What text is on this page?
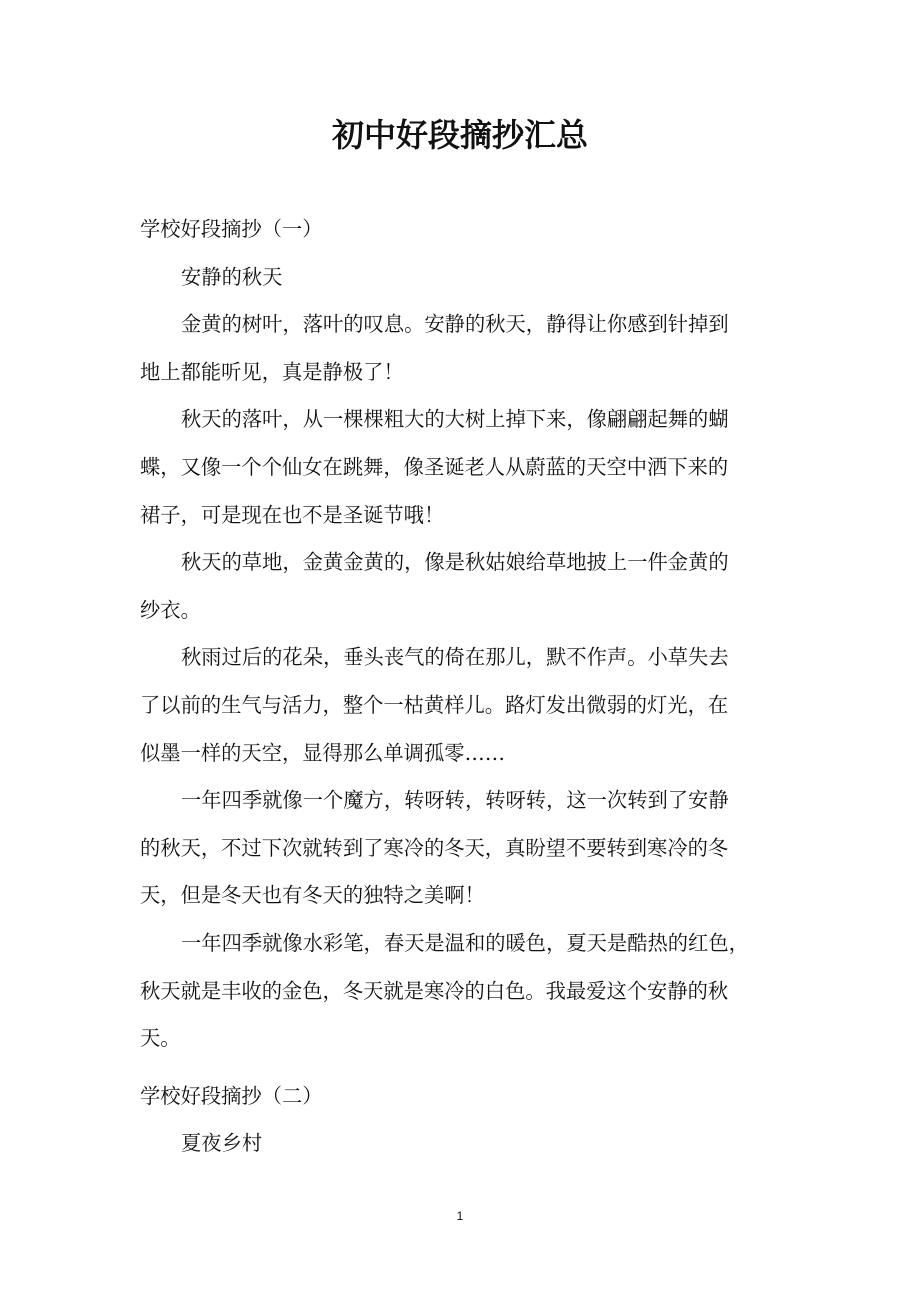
初中好段摘抄汇总
学校好段摘抄（一）
安静的秋天
金黄的树叶，落叶的叹息。安静的秋天，静得让你感到针掉到
地上都能听见，真是静极了！
秋天的落叶，从一棵棵粗大的大树上掉下来，像翩翩起舞的蝴
蝶，又像一个个仙女在跳舞，像圣诞老人从蔚蓝的天空中洒下来的
裙子，可是现在也不是圣诞节哦！
秋天的草地，金黄金黄的，像是秋姑娘给草地披上一件金黄的
纱衣。
秋雨过后的花朵，垂头丧气的倚在那儿，默不作声。小草失去
了以前的生气与活力，整个一枯黄样儿。路灯发出微弱的灯光，在
似墨一样的天空，显得那么单调孤零……
一年四季就像一个魔方，转呀转，转呀转，这一次转到了安静
的秋天，不过下次就转到了寒冷的冬天，真盼望不要转到寒冷的冬
天，但是冬天也有冬天的独特之美啊！
一年四季就像水彩笔，春天是温和的暖色，夏天是酷热的红色，
秋天就是丰收的金色，冬天就是寒冷的白色。我最爱这个安静的秋
天。
学校好段摘抄（二）
夏夜乡村
1
